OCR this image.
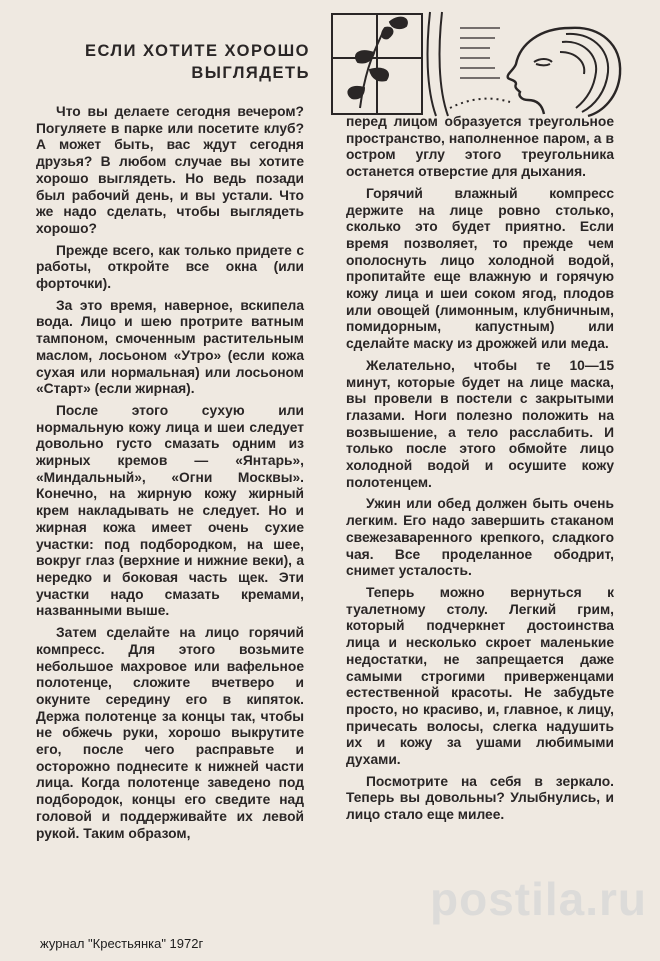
ЕСЛИ ХОТИТЕ ХОРОШО
ВЫГЛЯДЕТЬ

Что вы делаете сегодня вечером? Погуляете в парке или посетите клуб? А может быть, вас ждут сегодня друзья? В любом случае вы хотите хорошо выглядеть. Но ведь позади был рабочий день, и вы устали. Что же надо сделать, чтобы выглядеть хорошо?

Прежде всего, как только придете с работы, откройте все окна (или форточки).

За это время, наверное, вскипела вода. Лицо и шею протрите ватным тампоном, смоченным растительным маслом, лосьоном «Утро» (если кожа сухая или нормальная) или лосьоном «Старт» (если жирная).

После этого сухую или нормальную кожу лица и шеи следует довольно густо смазать одним из жирных кремов — «Янтарь», «Миндальный», «Огни Москвы». Конечно, на жирную кожу жирный крем накладывать не следует. Но и жирная кожа имеет очень сухие участки: под подбородком, на шее, вокруг глаз (верхние и нижние веки), а нередко и боковая часть щек. Эти участки надо смазать кремами, названными выше.

Затем сделайте на лицо горячий компресс. Для этого возьмите небольшое махровое или вафельное полотенце, сложите вчетверо и окуните середину его в кипяток. Держа полотенце за концы так, чтобы не обжечь руки, хорошо выкрутите его, после чего расправьте и осторожно поднесите к нижней части лица. Когда полотенце заведено под подбородок, концы его сведите над головой и поддерживайте их левой рукой. Таким образом,

перед лицом образуется треугольное пространство, наполненное паром, а в остром углу этого треугольника останется отверстие для дыхания.

Горячий влажный компресс держите на лице ровно столько, сколько это будет приятно. Если время позволяет, то прежде чем ополоснуть лицо холодной водой, пропитайте еще влажную и горячую кожу лица и шеи соком ягод, плодов или овощей (лимонным, клубничным, помидорным, капустным) или сделайте маску из дрожжей или меда.

Желательно, чтобы те 10—15 минут, которые будет на лице маска, вы провели в постели с закрытыми глазами. Ноги полезно положить на возвышение, а тело расслабить. И только после этого обмойте лицо холодной водой и осушите кожу полотенцем.

Ужин или обед должен быть очень легким. Его надо завершить стаканом свежезаваренного крепкого, сладкого чая. Все проделанное ободрит, снимет усталость.

Теперь можно вернуться к туалетному столу. Легкий грим, который подчеркнет достоинства лица и несколько скроет маленькие недостатки, не запрещается даже самыми строгими приверженцами естественной красоты. Не забудьте просто, но красиво, и, главное, к лицу, причесать волосы, слегка надушить их и кожу за ушами любимыми духами.

Посмотрите на себя в зеркало. Теперь вы довольны? Улыбнулись, и лицо стало еще милее.

postila.ru
журнал "Крестьянка" 1972г
